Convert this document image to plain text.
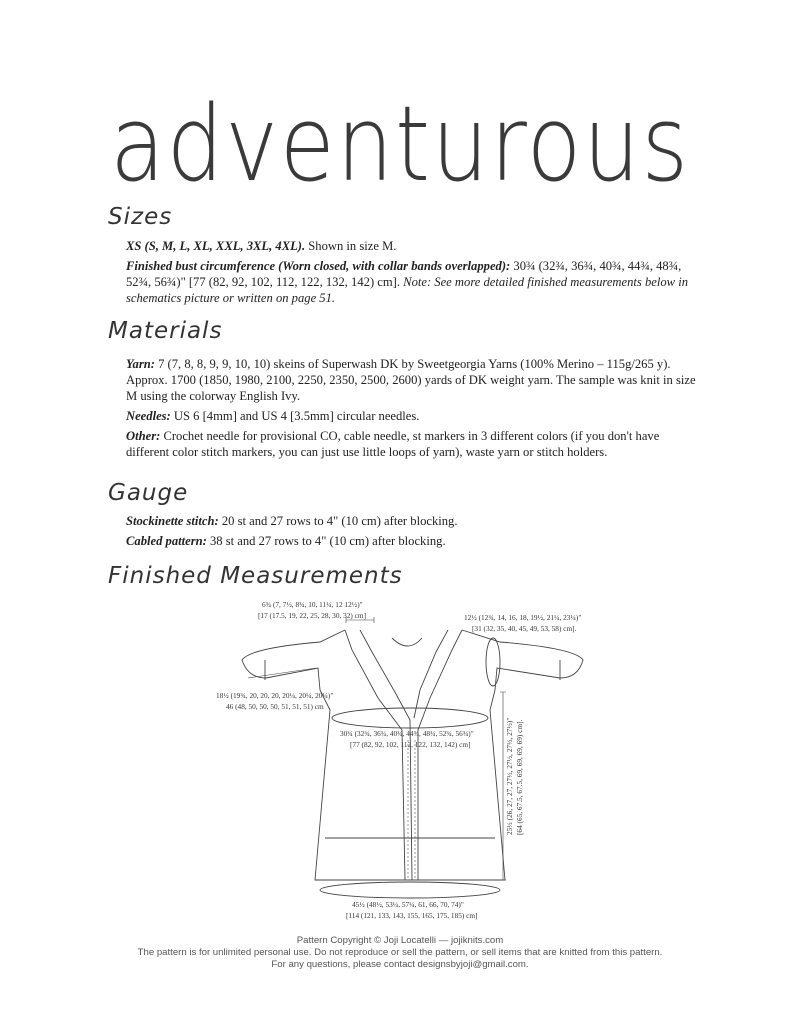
adventurous
Sizes
XS (S, M, L, XL, XXL, 3XL, 4XL). Shown in size M.
Finished bust circumference (Worn closed, with collar bands overlapped): 30¾ (32¾, 36¾, 40¾, 44¾, 48¾, 52¾, 56¾)" [77 (82, 92, 102, 112, 122, 132, 142) cm]. Note: See more detailed finished measurements below in schematics picture or written on page 51.
Materials
Yarn: 7 (7, 8, 8, 9, 9, 10, 10) skeins of Superwash DK by Sweetgeorgia Yarns (100% Merino – 115g/265 y). Approx. 1700 (1850, 1980, 2100, 2250, 2350, 2500, 2600) yards of DK weight yarn. The sample was knit in size M using the colorway English Ivy.
Needles: US 6 [4mm] and US 4 [3.5mm] circular needles.
Other: Crochet needle for provisional CO, cable needle, st markers in 3 different colors (if you don't have different color stitch markers, you can just use little loops of yarn), waste yarn or stitch holders.
Gauge
Stockinette stitch: 20 st and 27 rows to 4" (10 cm) after blocking.
Cabled pattern: 38 st and 27 rows to 4" (10 cm) after blocking.
Finished Measurements
6¾ (7, 7½, 8¾, 10, 11¼, 12 12½)"
[17 (17.5, 19, 22, 25, 28, 30, 32) cm]	12½ (12¾, 14, 16, 18, 19½, 21¼, 23¼)"
[31 (32, 35, 40, 45, 49, 53, 58) cm].
18½ (19¾, 20, 20, 20, 20¼, 20¼, 20¼)"
46 (48, 50, 50, 50, 51, 51, 51) cm
30¾ (32¾, 36¾, 40¾, 44¾, 48¾, 52¾, 56¾)"
[77 (82, 92, 102, 112, 122, 132, 142) cm]	25½ (26, 27, 27, 27½, 27½, 27½, 27½)" [64 (65, 67.5, 67.5, 69, 69, 69, 69) cm].
45½ (48½, 53¼, 57¼, 61, 66, 70, 74)"
[114 (121, 133, 143, 155, 165, 175, 185) cm]
Pattern Copyright © Joji Locatelli — jojiknits.com
The pattern is for unlimited personal use. Do not reproduce or sell the pattern, or sell items that are knitted from this pattern.
For any questions, please contact designsbyjoji@gmail.com.
